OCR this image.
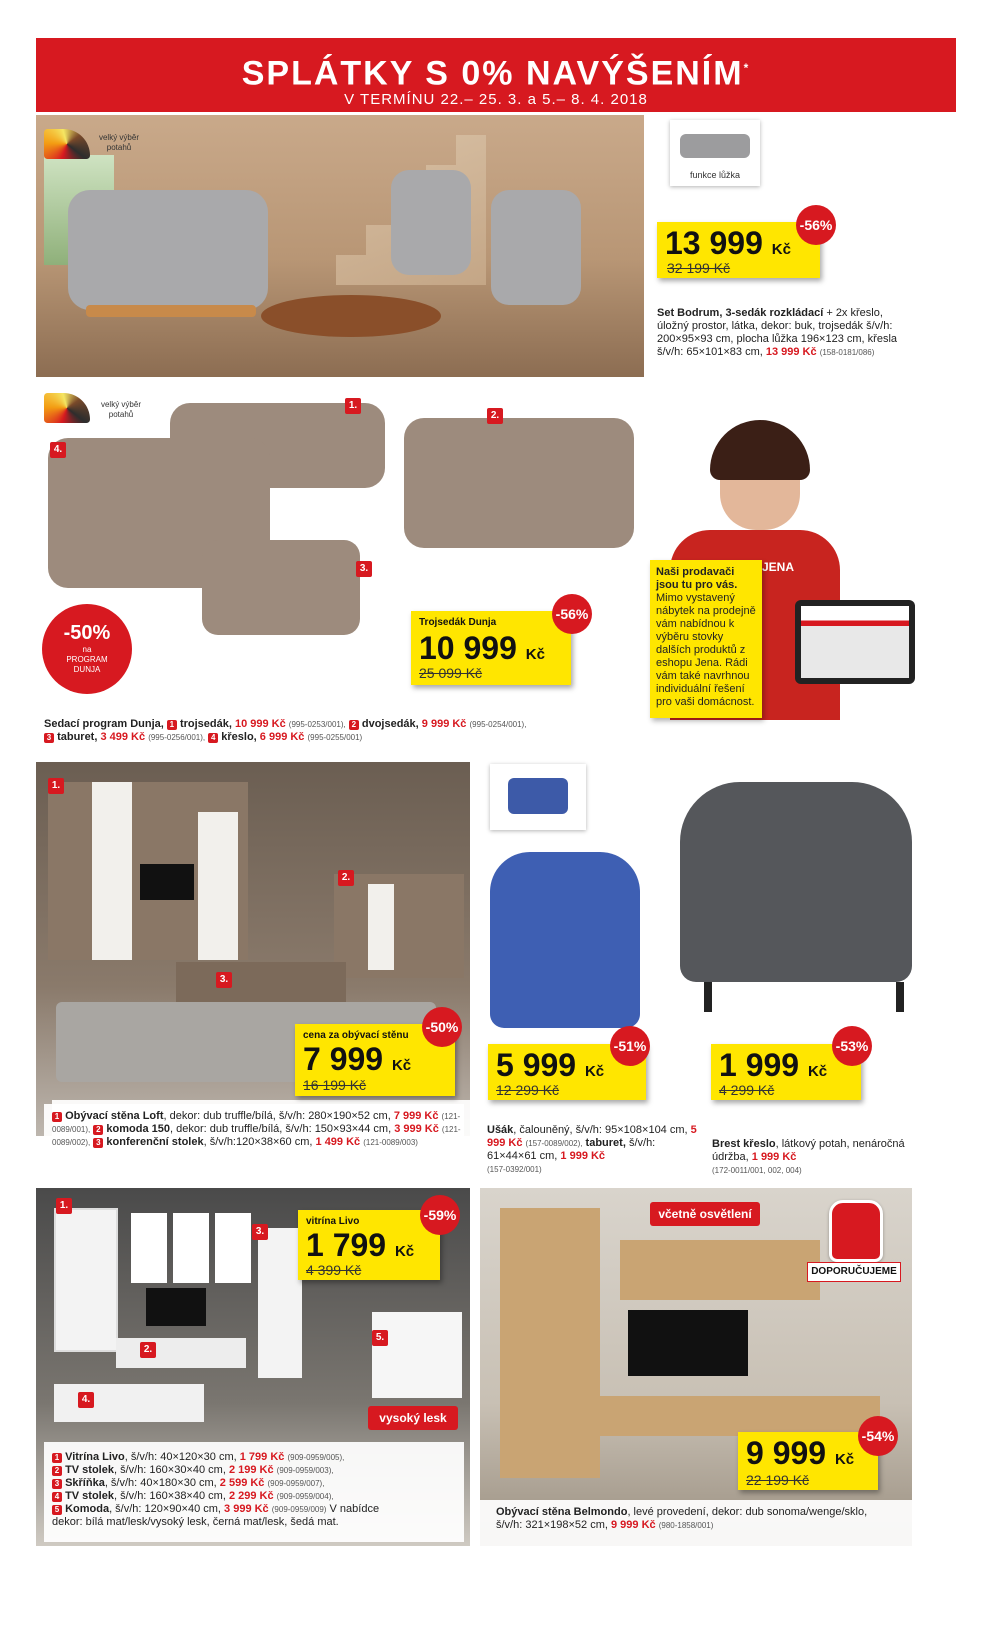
SPLÁTKY S 0% NAVÝŠENÍM*
V TERMÍNU 22.– 25. 3. a 5.– 8. 4. 2018
velký výběr potahů
funkce lůžka
13 999 Kč
32 199 Kč
-56%
Set Bodrum, 3-sedák rozkládací + 2x křeslo, úložný prostor, látka, dekor: buk, trojsedák š/v/h: 200×95×93 cm, plocha lůžka 196×123 cm, křesla š/v/h: 65×101×83 cm, 13 999 Kč (158-0181/086)
velký výběr potahů
1.
2.
4.
3.
-50%
na
PROGRAM
DUNJA
Trojsedák Dunja
10 999 Kč
25 099 Kč
-56%
Sedací program Dunja, 1 trojsedák, 10 999 Kč (995-0253/001), 2 dvojsedák, 9 999 Kč (995-0254/001),
3 taburet, 3 499 Kč (995-0256/001), 4 křeslo, 6 999 Kč (995-0255/001)
JENA
Naši prodavači jsou tu pro vás.
Mimo vystavený nábytek na prodejně vám nabídnou k výběru stovky dalších produktů z eshopu Jena. Rádi vám také navrhnou individuální řešení pro vaši domácnost.
1.
2.
3.
cena za obývací stěnu
7 999 Kč
16 199 Kč
-50%
1 Obývací stěna Loft, dekor: dub truffle/bílá, š/v/h: 280×190×52 cm, 7 999 Kč (121-0089/001), 2 komoda 150, dekor: dub truffle/bílá, š/v/h: 150×93×44 cm, 3 999 Kč (121-0089/002), 3 konferenční stolek, š/v/h:120×38×60 cm, 1 499 Kč (121-0089/003)
5 999 Kč
12 299 Kč
-51%
Ušák, čalouněný, š/v/h: 95×108×104 cm, 5 999 Kč (157-0089/002), taburet, š/v/h: 61×44×61 cm, 1 999 Kč
(157-0392/001)
1 999 Kč
4 299 Kč
-53%
Brest křeslo, látkový potah, nenáročná údržba, 1 999 Kč
(172-0011/001, 002, 004)
1.
2.
3.
4.
5.
vitrína Livo
1 799 Kč
4 399 Kč
-59%
vysoký lesk
1 Vitrína Livo, š/v/h: 40×120×30 cm, 1 799 Kč (909-0959/005),
2 TV stolek, š/v/h: 160×30×40 cm, 2 199 Kč (909-0959/003),
3 Skříňka, š/v/h: 40×180×30 cm, 2 599 Kč (909-0959/007),
4 TV stolek, š/v/h: 160×38×40 cm, 2 299 Kč (909-0959/004),
5 Komoda, š/v/h: 120×90×40 cm, 3 999 Kč (909-0959/009) V nabídce
dekor: bílá mat/lesk/vysoký lesk, černá mat/lesk, šedá mat.
včetně osvětlení
DOPORUČUJEME
9 999 Kč
22 199 Kč
-54%
Obývací stěna Belmondo, levé provedení, dekor: dub sonoma/wenge/sklo,
š/v/h: 321×198×52 cm, 9 999 Kč (980-1858/001)
